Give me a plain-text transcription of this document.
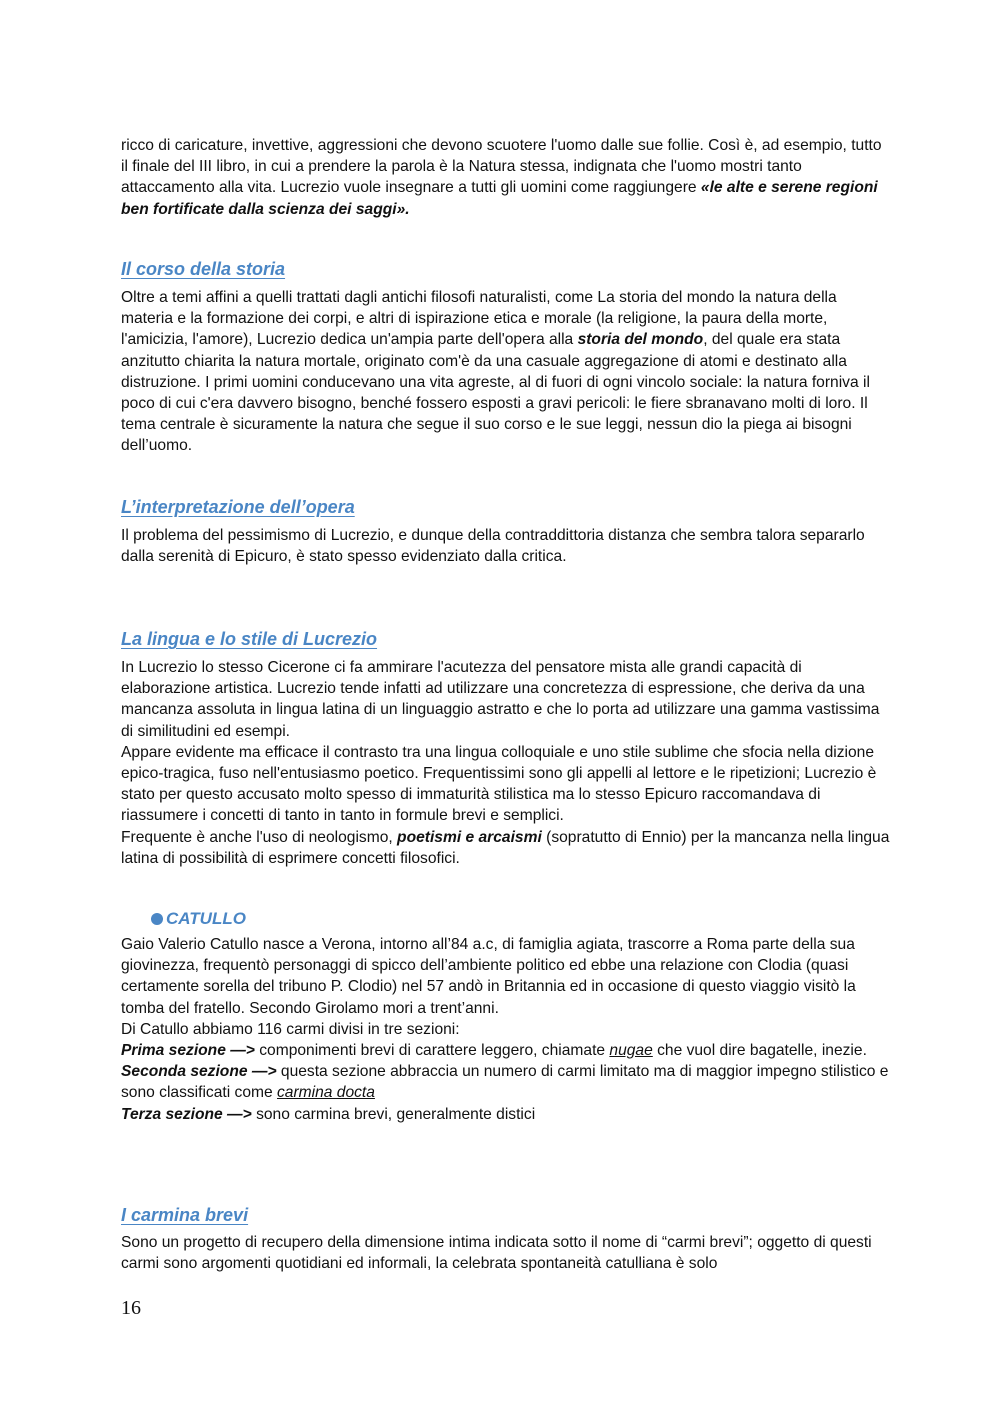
ricco di caricature, invettive, aggressioni che devono scuotere l'uomo dalle sue follie. Così è, ad esempio, tutto il finale del III libro, in cui a prendere la parola è la Natura stessa, indignata che l'uomo mostri tanto attaccamento alla vita. Lucrezio vuole insegnare a tutti gli uomini come raggiungere «le alte e serene regioni ben fortificate dalla scienza dei saggi».

Il corso della storia

Oltre a temi affini a quelli trattati dagli antichi filosofi naturalisti, come La storia del mondo la natura della materia e la formazione dei corpi, e altri di ispirazione etica e morale (la religione, la paura della morte, l'amicizia, l'amore), Lucrezio dedica un'ampia parte dell'opera alla storia del mondo, del quale era stata anzitutto chiarita la natura mortale, originato com'è da una casuale aggregazione di atomi e destinato alla distruzione. I primi uomini conducevano una vita agreste, al di fuori di ogni vincolo sociale: la natura forniva il poco di cui c'era davvero bisogno, benché fossero esposti a gravi pericoli: le fiere sbranavano molti di loro. Il tema centrale è sicuramente la natura che segue il suo corso e le sue leggi, nessun dio la piega ai bisogni dell’uomo.

L’interpretazione dell’opera

Il problema del pessimismo di Lucrezio, e dunque della contraddittoria distanza che sembra talora separarlo dalla serenità di Epicuro, è stato spesso evidenziato dalla critica.

La lingua e lo stile di Lucrezio

In Lucrezio lo stesso Cicerone ci fa ammirare l'acutezza del pensatore mista alle grandi capacità di elaborazione artistica. Lucrezio tende infatti ad utilizzare una concretezza di espressione, che deriva da una mancanza assoluta in lingua latina di un linguaggio astratto e che lo porta ad utilizzare una gamma vastissima di similitudini ed esempi.

Appare evidente ma efficace il contrasto tra una lingua colloquiale e uno stile sublime che sfocia nella dizione epico-tragica, fuso nell'entusiasmo poetico. Frequentissimi sono gli appelli al lettore e le ripetizioni; Lucrezio è stato per questo accusato molto spesso di immaturità stilistica ma lo stesso Epicuro raccomandava di riassumere i concetti di tanto in tanto in formule brevi e semplici.

Frequente è anche l'uso di neologismo, poetismi e arcaismi (sopratutto di Ennio) per la mancanza nella lingua latina di possibilità di esprimere concetti filosofici.

CATULLO

Gaio Valerio Catullo nasce a Verona, intorno all’84 a.c, di famiglia agiata, trascorre a Roma parte della sua giovinezza, frequentò personaggi di spicco dell’ambiente politico ed ebbe una relazione con Clodia (quasi certamente sorella del tribuno P. Clodio) nel 57 andò in Britannia ed in occasione di questo viaggio visitò la tomba del fratello. Secondo Girolamo mori a trent’anni.

Di Catullo abbiamo 116 carmi divisi in tre sezioni:

Prima sezione —> componimenti brevi di carattere leggero, chiamate nugae che vuol dire bagatelle, inezie.

Seconda sezione —> questa sezione abbraccia un numero di carmi limitato ma di maggior impegno stilistico e sono classificati come carmina docta

Terza sezione —> sono carmina brevi, generalmente distici

I carmina brevi

Sono un progetto di recupero della dimensione intima indicata sotto il nome di “carmi brevi”; oggetto di questi carmi sono argomenti quotidiani ed informali, la celebrata spontaneità catulliana è solo

16
